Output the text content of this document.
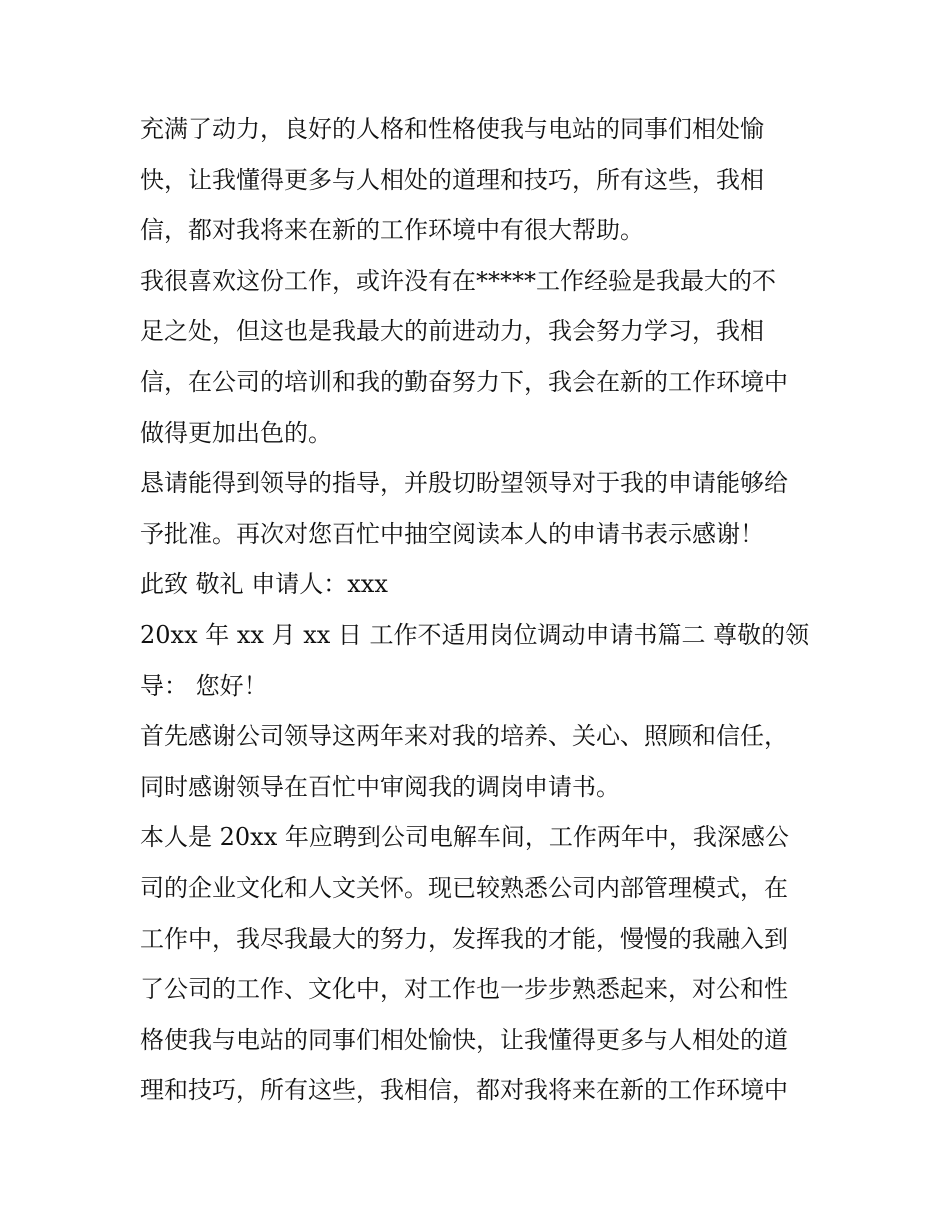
充满了动力，良好的人格和性格使我与电站的同事们相处愉
快，让我懂得更多与人相处的道理和技巧，所有这些，我相
信，都对我将来在新的工作环境中有很大帮助。
我很喜欢这份工作，或许没有在*****工作经验是我最大的不
足之处，但这也是我最大的前进动力，我会努力学习，我相
信，在公司的培训和我的勤奋努力下，我会在新的工作环境中
做得更加出色的。
恳请能得到领导的指导，并殷切盼望领导对于我的申请能够给
予批准。再次对您百忙中抽空阅读本人的申请书表示感谢！
此致 敬礼 申请人：xxx
20xx 年 xx 月 xx 日 工作不适用岗位调动申请书篇二 尊敬的领
导： 您好！
首先感谢公司领导这两年来对我的培养、关心、照顾和信任，
同时感谢领导在百忙中审阅我的调岗申请书。
本人是 20xx 年应聘到公司电解车间，工作两年中，我深感公
司的企业文化和人文关怀。现已较熟悉公司内部管理模式，在
工作中，我尽我最大的努力，发挥我的才能，慢慢的我融入到
了公司的工作、文化中，对工作也一步步熟悉起来，对公和性
格使我与电站的同事们相处愉快，让我懂得更多与人相处的道
理和技巧，所有这些，我相信，都对我将来在新的工作环境中
